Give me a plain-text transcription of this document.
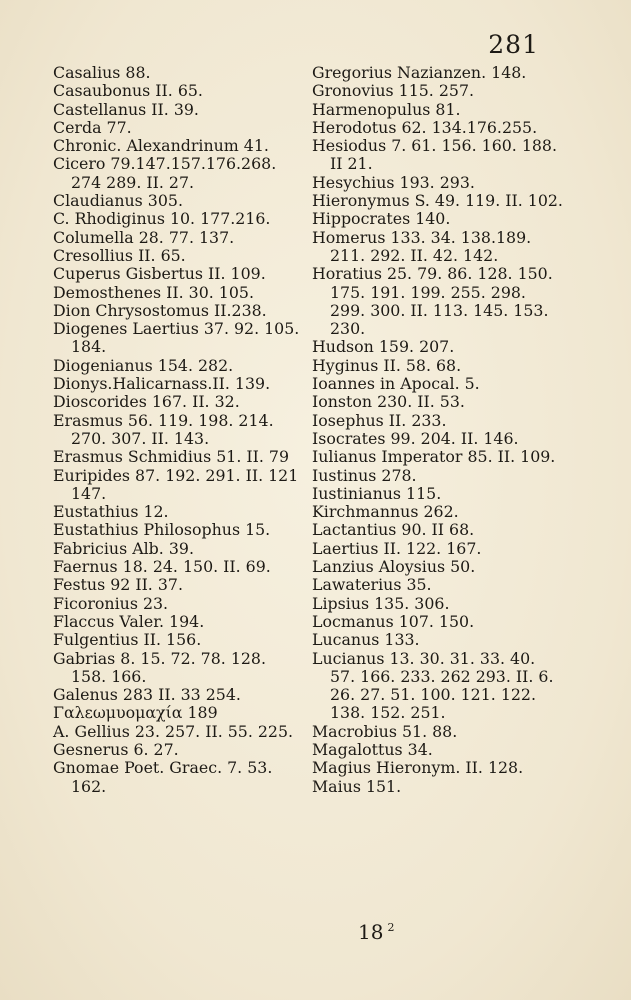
281
Casalius 88.
Casaubonus II. 65.
Castellanus II. 39.
Cerda 77.
Chronic. Alexandrinum 41.
Cicero 79.147.157.176.268. 274 289. II. 27.
Claudianus 305.
C. Rhodiginus 10. 177.216.
Columella 28. 77. 137.
Cresollius II. 65.
Cuperus Gisbertus II. 109.
Demosthenes II. 30. 105.
Dion Chrysostomus II.238.
Diogenes Laertius 37. 92. 105. 184.
Diogenianus 154. 282.
Dionys.Halicarnass.II. 139.
Dioscorides 167. II. 32.
Erasmus 56. 119. 198. 214. 270. 307. II. 143.
Erasmus Schmidius 51. II. 79
Euripides 87. 192. 291. II. 121 147.
Eustathius 12.
Eustathius Philosophus 15.
Fabricius Alb. 39.
Faernus 18. 24. 150. II. 69.
Festus 92 II. 37.
Ficoronius 23.
Flaccus Valer. 194.
Fulgentius II. 156.
Gabrias 8. 15. 72. 78. 128. 158. 166.
Galenus 283 II. 33 254.
Γαλεωμυομαχία 189
A. Gellius 23. 257. II. 55. 225.
Gesnerus 6. 27.
Gnomae Poet. Graec. 7. 53. 162.
Gregorius Nazianzen. 148.
Gronovius 115. 257.
Harmenopulus 81.
Herodotus 62. 134.176.255.
Hesiodus 7. 61. 156. 160. 188. II 21.
Hesychius 193. 293.
Hieronymus S. 49. 119. II. 102.
Hippocrates 140.
Homerus 133. 34. 138.189. 211. 292. II. 42. 142.
Horatius 25. 79. 86. 128. 150. 175. 191. 199. 255. 298. 299. 300. II. 113. 145. 153. 230.
Hudson 159. 207.
Hyginus II. 58. 68.
Ioannes in Apocal. 5.
Ionston 230. II. 53.
Iosephus II. 233.
Isocrates 99. 204. II. 146.
Iulianus Imperator 85. II. 109.
Iustinus 278.
Iustinianus 115.
Kirchmannus 262.
Lactantius 90. II 68.
Laertius II. 122. 167.
Lanzius Aloysius 50.
Lawaterius 35.
Lipsius 135. 306.
Locmanus 107. 150.
Lucanus 133.
Lucianus 13. 30. 31. 33. 40. 57. 166. 233. 262 293. II. 6. 26. 27. 51. 100. 121. 122. 138. 152. 251.
Macrobius 51. 88.
Magalottus 34.
Magius Hieronym. II. 128.
Maius 151.
18 $^2$
